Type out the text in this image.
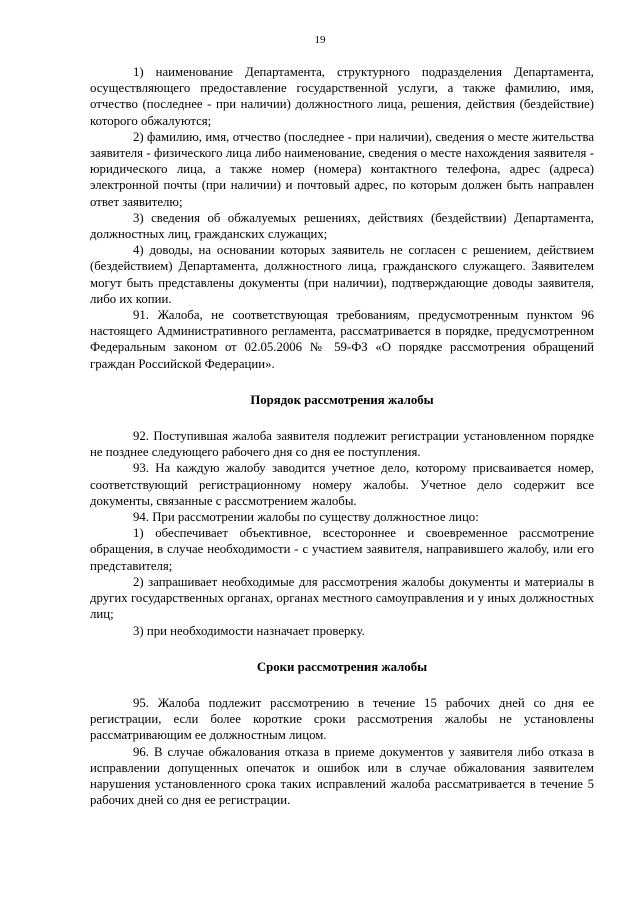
19

1) наименование Департамента, структурного подразделения Департамента, осуществляющего предоставление государственной услуги, а также фамилию, имя, отчество (последнее - при наличии) должностного лица, решения, действия (бездействие) которого обжалуются;

2) фамилию, имя, отчество (последнее - при наличии), сведения о месте жительства заявителя - физического лица либо наименование, сведения о месте нахождения заявителя - юридического лица, а также номер (номера) контактного телефона, адрес (адреса) электронной почты (при наличии) и почтовый адрес, по которым должен быть направлен ответ заявителю;

3) сведения об обжалуемых решениях, действиях (бездействии) Департамента, должностных лиц, гражданских служащих;

4) доводы, на основании которых заявитель не согласен с решением, действием (бездействием) Департамента, должностного лица, гражданского служащего. Заявителем могут быть представлены документы (при наличии), подтверждающие доводы заявителя, либо их копии.

91. Жалоба, не соответствующая требованиям, предусмотренным пунктом 96 настоящего Административного регламента, рассматривается в порядке, предусмотренном Федеральным законом от 02.05.2006 № 59-ФЗ «О порядке рассмотрения обращений граждан Российской Федерации».

Порядок рассмотрения жалобы

92. Поступившая жалоба заявителя подлежит регистрации установленном порядке не позднее следующего рабочего дня со дня ее поступления.

93. На каждую жалобу заводится учетное дело, которому присваивается номер, соответствующий регистрационному номеру жалобы. Учетное дело содержит все документы, связанные с рассмотрением жалобы.

94. При рассмотрении жалобы по существу должностное лицо:

1) обеспечивает объективное, всестороннее и своевременное рассмотрение обращения, в случае необходимости - с участием заявителя, направившего жалобу, или его представителя;

2) запрашивает необходимые для рассмотрения жалобы документы и материалы в других государственных органах, органах местного самоуправления и у иных должностных лиц;

3) при необходимости назначает проверку.

Сроки рассмотрения жалобы

95. Жалоба подлежит рассмотрению в течение 15 рабочих дней со дня ее регистрации, если более короткие сроки рассмотрения жалобы не установлены рассматривающим ее должностным лицом.

96. В случае обжалования отказа в приеме документов у заявителя либо отказа в исправлении допущенных опечаток и ошибок или в случае обжалования заявителем нарушения установленного срока таких исправлений жалоба рассматривается в течение 5 рабочих дней со дня ее регистрации.
